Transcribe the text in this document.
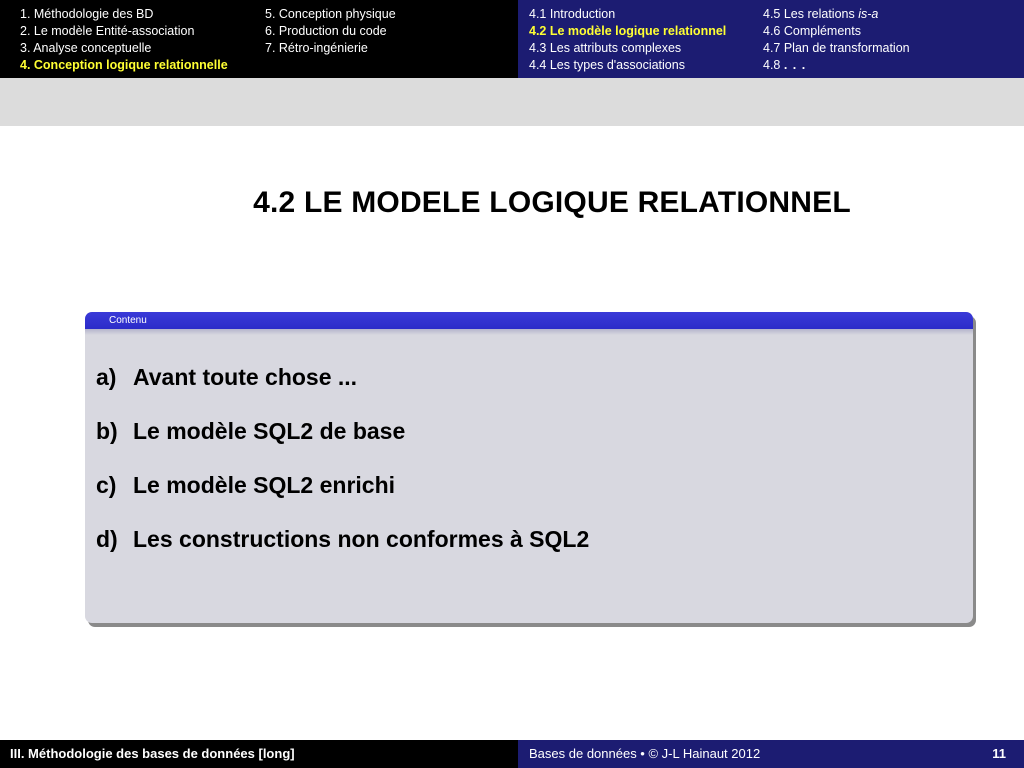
1. Méthodologie des BD
2. Le modèle Entité-association
3. Analyse conceptuelle
4. Conception logique relationnelle
5. Conception physique
6. Production du code
7. Rétro-ingénierie
4.1 Introduction
4.2 Le modèle logique relationnel
4.3 Les attributs complexes
4.4 Les types d'associations
4.5 Les relations is-a
4.6 Compléments
4.7 Plan de transformation
4.8 . . .
4.2 LE MODELE LOGIQUE RELATIONNEL
Contenu
a) Avant toute chose ...
b) Le modèle SQL2 de base
c) Le modèle SQL2 enrichi
d) Les constructions non conformes à SQL2
III. Méthodologie des bases de données [long]	Bases de données • © J-L Hainaut 2012	11
